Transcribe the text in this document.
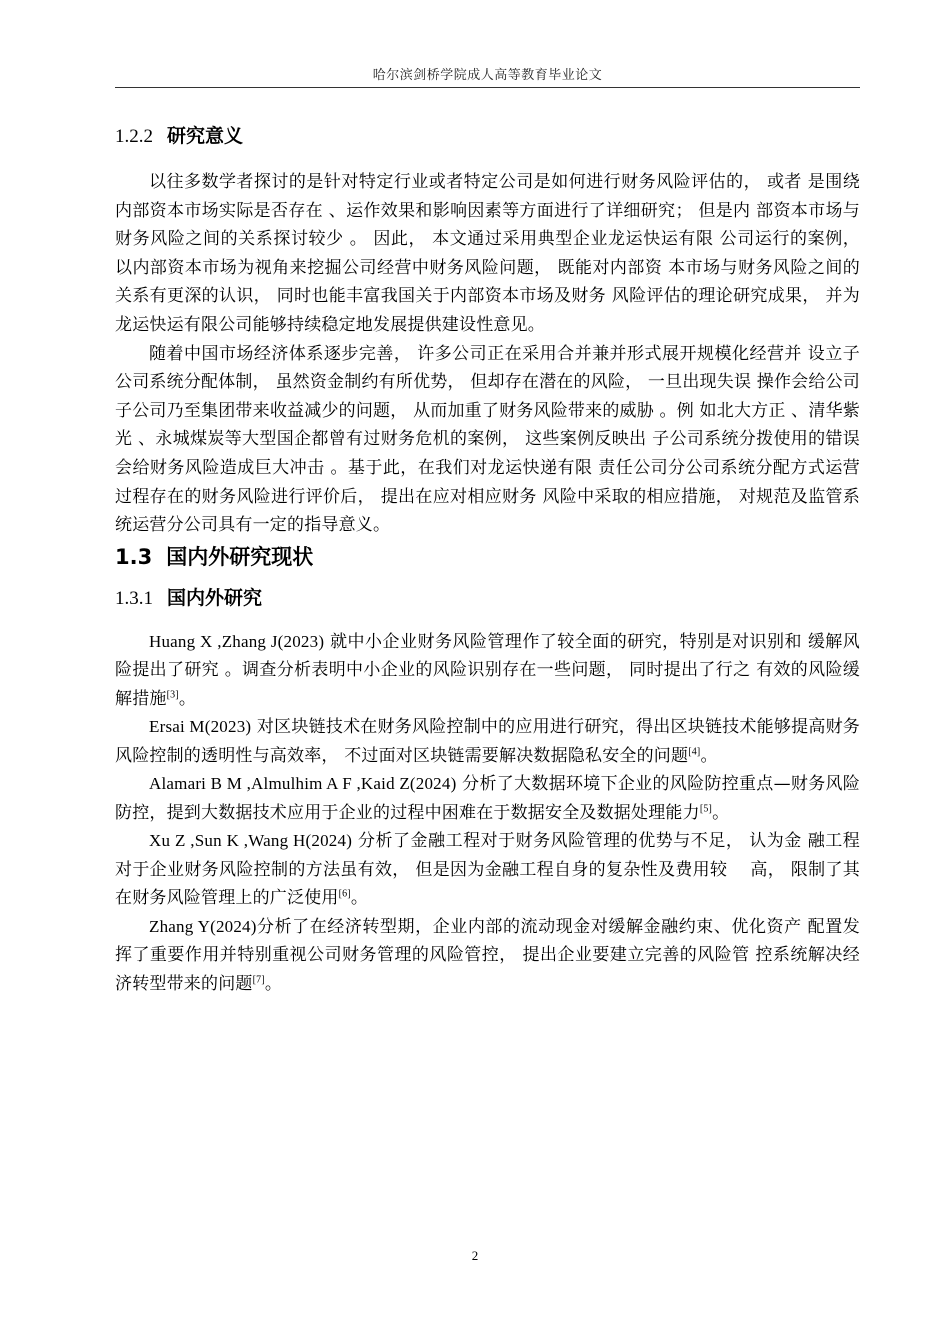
哈尔滨剑桥学院成人高等教育毕业论文
1.2.2 研究意义

以往多数学者探讨的是针对特定行业或者特定公司是如何进行财务风险评估的， 或者 是围绕内部资本市场实际是否存在 、运作效果和影响因素等方面进行了详细研究； 但是内 部资本市场与财务风险之间的关系探讨较少 。 因此， 本文通过采用典型企业龙运快运有限 公司运行的案例， 以内部资本市场为视角来挖掘公司经营中财务风险问题， 既能对内部资 本市场与财务风险之间的关系有更深的认识， 同时也能丰富我国关于内部资本市场及财务 风险评估的理论研究成果， 并为龙运快运有限公司能够持续稳定地发展提供建设性意见。

随着中国市场经济体系逐步完善， 许多公司正在采用合并兼并形式展开规模化经营并 设立子公司系统分配体制， 虽然资金制约有所优势， 但却存在潜在的风险， 一旦出现失误 操作会给公司子公司乃至集团带来收益减少的问题， 从而加重了财务风险带来的威胁 。例 如北大方正 、清华紫光 、永城煤炭等大型国企都曾有过财务危机的案例， 这些案例反映出 子公司系统分拨使用的错误会给财务风险造成巨大冲击 。基于此，在我们对龙运快递有限 责任公司分公司系统分配方式运营过程存在的财务风险进行评价后， 提出在应对相应财务 风险中采取的相应措施， 对规范及监管系统运营分公司具有一定的指导意义。

1.3 国内外研究现状
1.3.1 国内外研究

Huang X ,Zhang J(2023) 就中小企业财务风险管理作了较全面的研究，特别是对识别和 缓解风险提出了研究 。调查分析表明中小企业的风险识别存在一些问题， 同时提出了行之 有效的风险缓解措施[3]。

Ersai M(2023) 对区块链技术在财务风险控制中的应用进行研究，得出区块链技术能够提高财务风险控制的透明性与高效率， 不过面对区块链需要解决数据隐私安全的问题[4]。

Alamari B M ,Almulhim A F ,Kaid Z(2024) 分析了大数据环境下企业的风险防控重点—财务风险防控，提到大数据技术应用于企业的过程中困难在于数据安全及数据处理能力[5]。

Xu Z ,Sun K ,Wang H(2024) 分析了金融工程对于财务风险管理的优势与不足， 认为金 融工程对于企业财务风险控制的方法虽有效， 但是因为金融工程自身的复杂性及费用较　 高， 限制了其在财务风险管理上的广泛使用[6]。

Zhang Y(2024)分析了在经济转型期，企业内部的流动现金对缓解金融约束、优化资产 配置发挥了重要作用并特别重视公司财务管理的风险管控， 提出企业要建立完善的风险管 控系统解决经济转型带来的问题[7]。

2
